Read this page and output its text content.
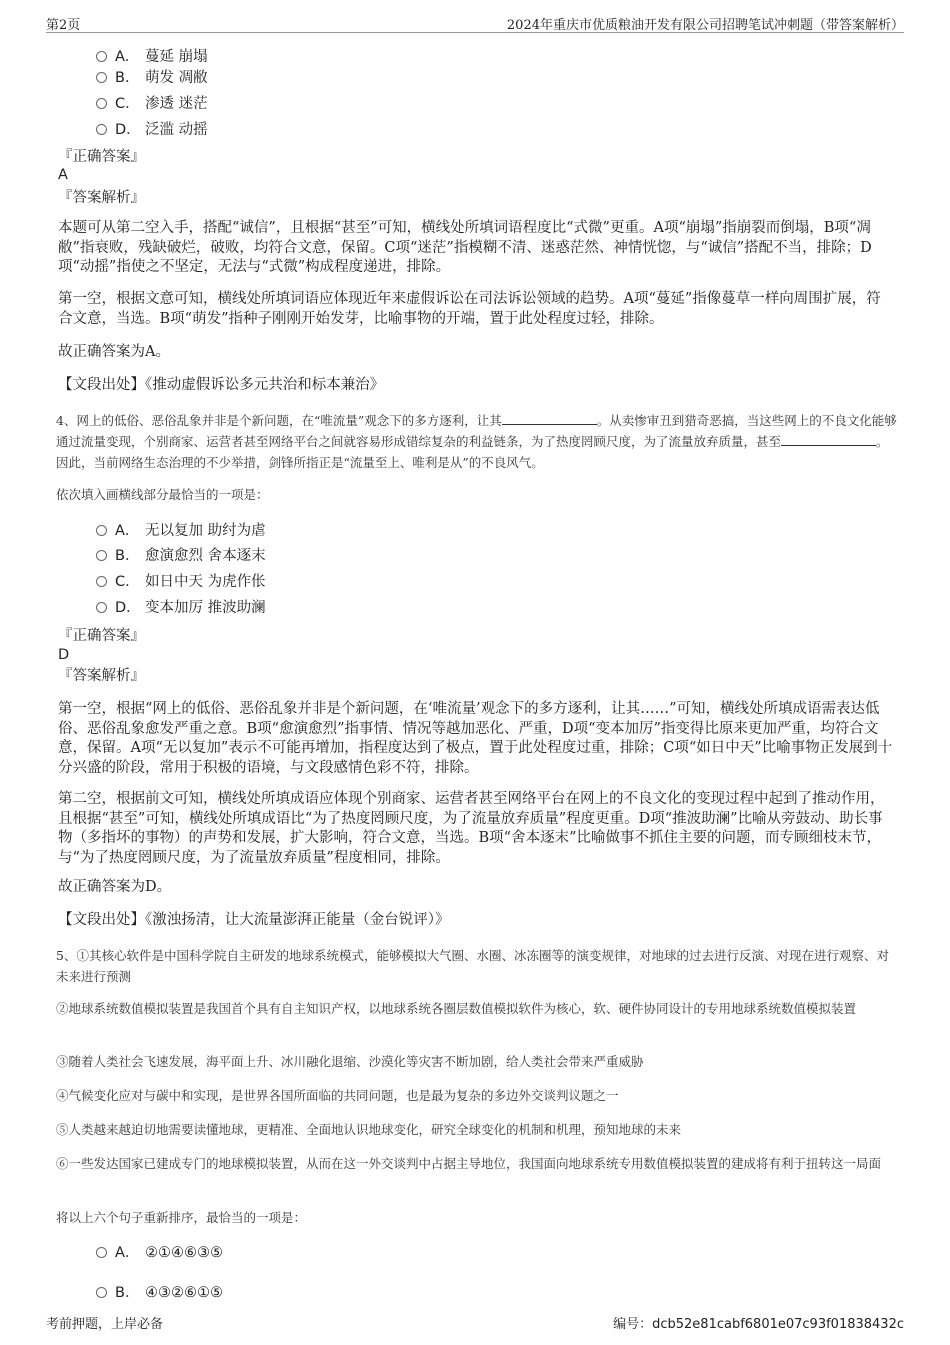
第2页	2024年重庆市优质粮油开发有限公司招聘笔试冲刺题（带答案解析）
A． 蔓延 崩塌
B． 萌发 凋敝
C． 渗透 迷茫
D． 泛滥 动摇
『正确答案』
A
『答案解析』
本题可从第二空入手，搭配“诚信”，且根据“甚至”可知，横线处所填词语程度比“式微”更重。A项“崩塌”指崩裂而倒塌，B项“凋敝”指衰败，残缺破烂，破败，均符合文意，保留。C项“迷茫”指模糊不清、迷惑茫然、神情恍惚，与“诚信”搭配不当，排除；D项“动摇”指使之不坚定，无法与“式微”构成程度递进，排除。
第一空，根据文意可知，横线处所填词语应体现近年来虚假诉讼在司法诉讼领域的趋势。A项“蔓延”指像蔓草一样向周围扩展，符合文意，当选。B项“萌发”指种子刚刚开始发芽，比喻事物的开端，置于此处程度过轻，排除。
故正确答案为A。
【文段出处】《推动虚假诉讼多元共治和标本兼治》
4、网上的低俗、恶俗乱象并非是个新问题，在“唯流量”观念下的多方逐利，让其	。从卖惨审丑到猎奇恶搞，当这些网上的不良文化能够通过流量变现，个别商家、运营者甚至网络平台之间就容易形成错综复杂的利益链条，为了热度罔顾尺度，为了流量放弃质量，甚至	。因此，当前网络生态治理的不少举措，剑锋所指正是“流量至上、唯利是从”的不良风气。
依次填入画横线部分最恰当的一项是：
A． 无以复加 助纣为虐
B． 愈演愈烈 舍本逐末
C． 如日中天 为虎作伥
D． 变本加厉 推波助澜
『正确答案』
D
『答案解析』
第一空，根据“网上的低俗、恶俗乱象并非是个新问题，在‘唯流量’观念下的多方逐利，让其……”可知，横线处所填成语需表达低俗、恶俗乱象愈发严重之意。B项“愈演愈烈”指事情、情况等越加恶化、严重，D项“变本加厉”指变得比原来更加严重，均符合文意，保留。A项“无以复加”表示不可能再增加，指程度达到了极点，置于此处程度过重，排除；C项“如日中天”比喻事物正发展到十分兴盛的阶段，常用于积极的语境，与文段感情色彩不符，排除。
第二空，根据前文可知，横线处所填成语应体现个别商家、运营者甚至网络平台在网上的不良文化的变现过程中起到了推动作用，且根据“甚至”可知，横线处所填成语比“为了热度罔顾尺度，为了流量放弃质量”程度更重。D项“推波助澜”比喻从旁鼓动、助长事物（多指坏的事物）的声势和发展，扩大影响，符合文意，当选。B项“舍本逐末”比喻做事不抓住主要的问题，而专顾细枝末节，与“为了热度罔顾尺度，为了流量放弃质量”程度相同，排除。
故正确答案为D。
【文段出处】《激浊扬清，让大流量澎湃正能量（金台锐评）》
5、①其核心软件是中国科学院自主研发的地球系统模式，能够模拟大气圈、水圈、冰冻圈等的演变规律，对地球的过去进行反演、对现在进行观察、对未来进行预测
②地球系统数值模拟装置是我国首个具有自主知识产权，以地球系统各圈层数值模拟软件为核心，软、硬件协同设计的专用地球系统数值模拟装置
③随着人类社会飞速发展，海平面上升、冰川融化退缩、沙漠化等灾害不断加剧，给人类社会带来严重威胁
④气候变化应对与碳中和实现，是世界各国所面临的共同问题，也是最为复杂的多边外交谈判议题之一
⑤人类越来越迫切地需要读懂地球，更精准、全面地认识地球变化，研究全球变化的机制和机理，预知地球的未来
⑥一些发达国家已建成专门的地球模拟装置，从而在这一外交谈判中占据主导地位，我国面向地球系统专用数值模拟装置的建成将有利于扭转这一局面
将以上六个句子重新排序，最恰当的一项是：
A． ②①④⑥③⑤
B． ④③②⑥①⑤
考前押题，上岸必备	编号：dcb52e81cabf6801e07c93f01838432c
